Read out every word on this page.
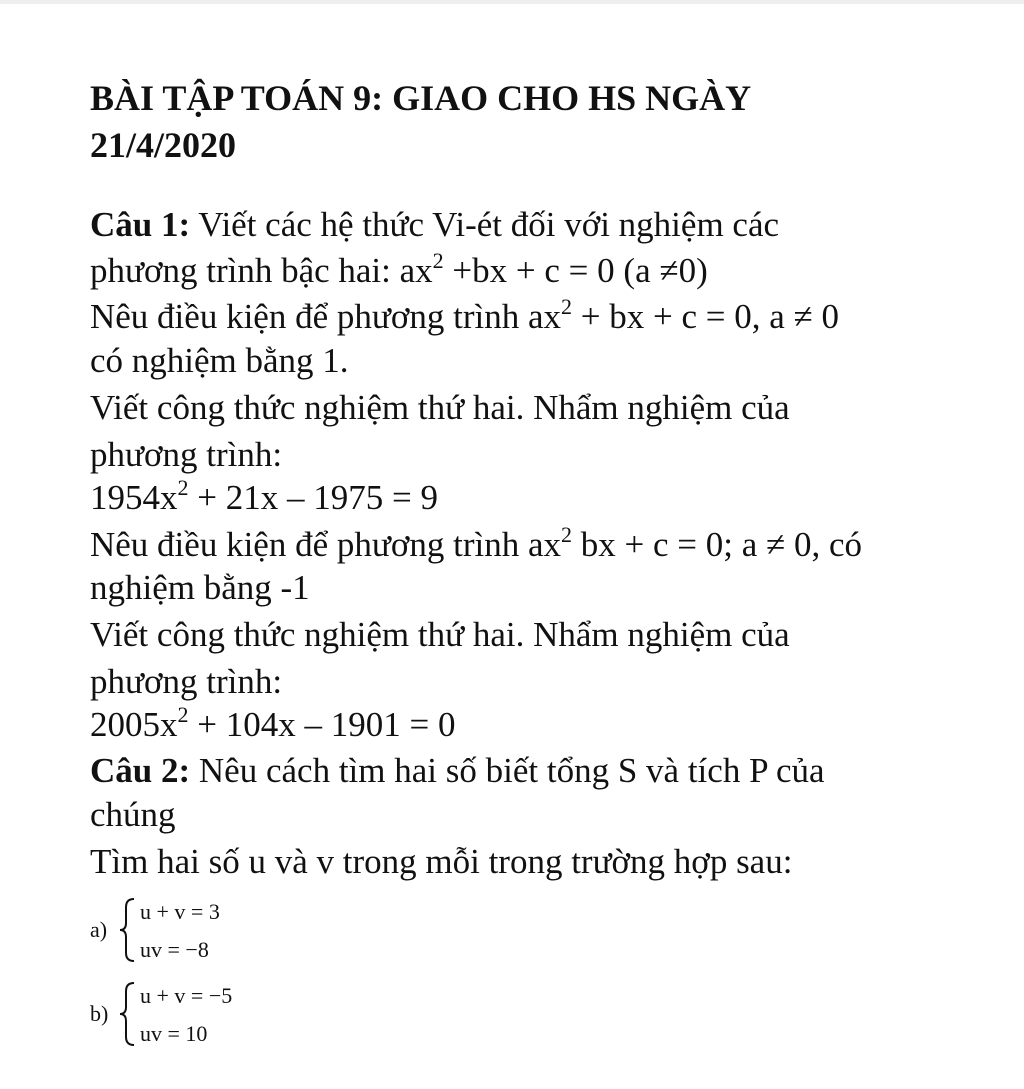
BÀI TẬP TOÁN 9: GIAO CHO HS NGÀY
21/4/2020
Câu 1: Viết các hệ thức Vi-ét đối với nghiệm các
phương trình bậc hai: $ax^2 +bx + c = 0$ (a ≠0)
Nêu điều kiện để phương trình $ax^2$ + bx + c = 0, a ≠ 0
có nghiệm bằng 1.
Viết công thức nghiệm thứ hai. Nhẩm nghiệm của
phương trình:
$1954x^2 + 21x - 1975 = 9$
Nêu điều kiện để phương trình $ax^2$ bx + c = 0; a ≠ 0, có
nghiệm bằng -1
Viết công thức nghiệm thứ hai. Nhẩm nghiệm của
phương trình:
$2005x^2 + 104x - 1901 = 0$
Câu 2: Nêu cách tìm hai số biết tổng S và tích P của
chúng
Tìm hai số u và v trong mỗi trong trường hợp sau:
a)
u + v = 3
uv = −8
b)
u + v = −5
uv = 10
